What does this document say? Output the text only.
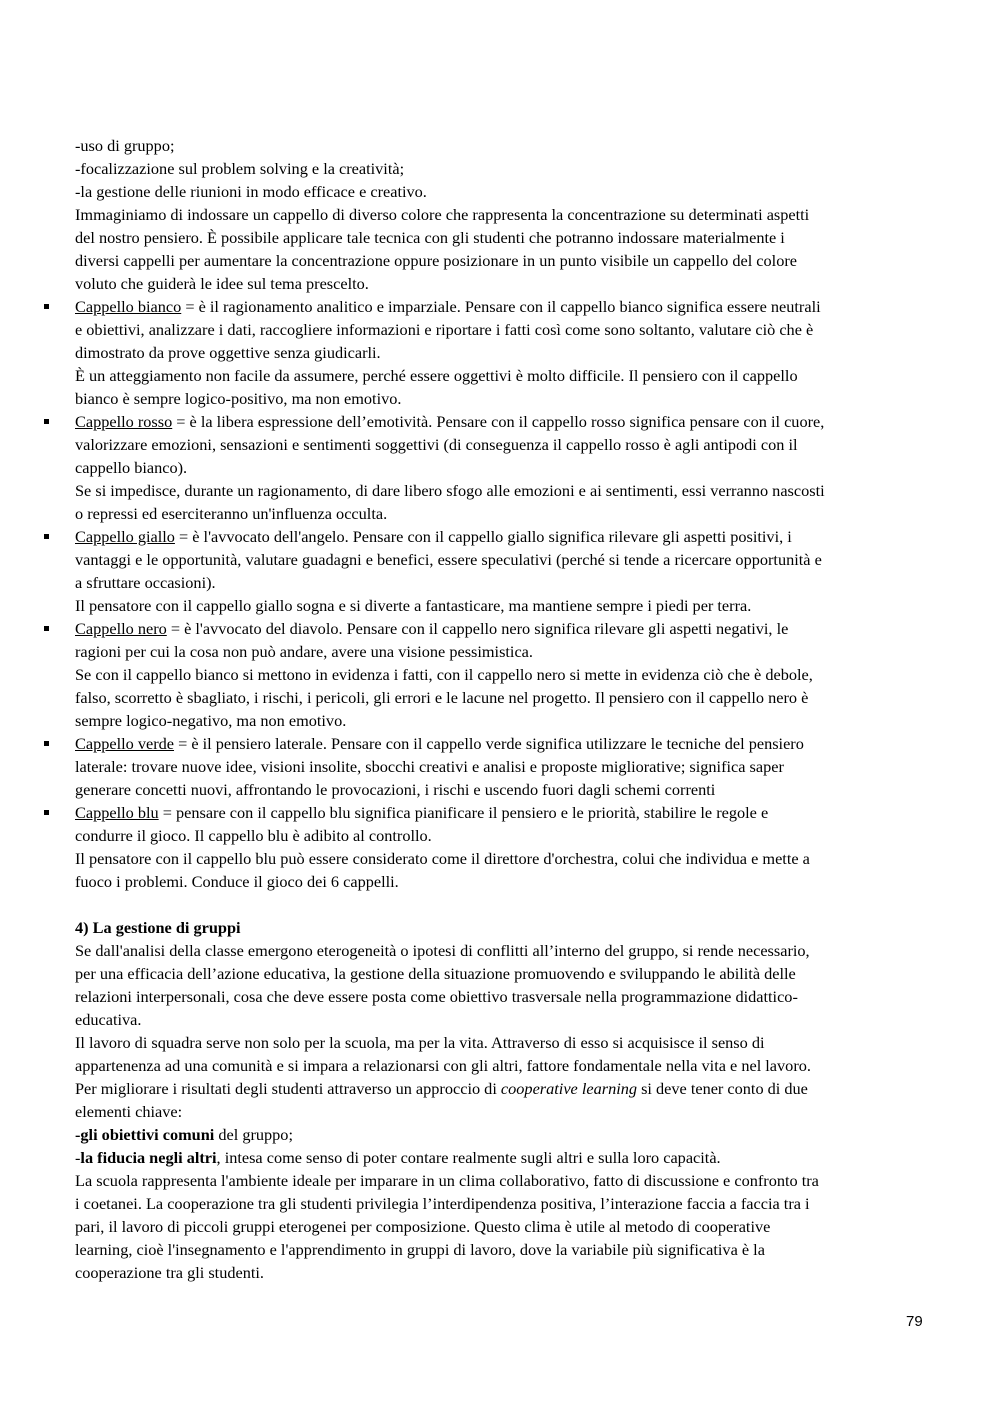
-uso di gruppo;
-focalizzazione sul problem solving e la creatività;
-la gestione delle riunioni in modo efficace e creativo.
Immaginiamo di indossare un cappello di diverso colore che rappresenta la concentrazione su determinati aspetti
del nostro pensiero. È possibile applicare tale tecnica con gli studenti che potranno indossare materialmente i
diversi cappelli per aumentare la concentrazione oppure posizionare in un punto visibile un cappello del colore
voluto che guiderà le idee sul tema prescelto.
Cappello bianco = è il ragionamento analitico e imparziale. Pensare con il cappello bianco significa essere neutrali
e obiettivi, analizzare i dati, raccogliere informazioni e riportare i fatti così come sono soltanto, valutare ciò che è
dimostrato da prove oggettive senza giudicarli.
È un atteggiamento non facile da assumere, perché essere oggettivi è molto difficile. Il pensiero con il cappello
bianco è sempre logico-positivo, ma non emotivo.
Cappello rosso = è la libera espressione dell’emotività. Pensare con il cappello rosso significa pensare con il cuore,
valorizzare emozioni, sensazioni e sentimenti soggettivi (di conseguenza il cappello rosso è agli antipodi con il
cappello bianco).
Se si impedisce, durante un ragionamento, di dare libero sfogo alle emozioni e ai sentimenti, essi verranno nascosti
o repressi ed eserciteranno un'influenza occulta.
Cappello giallo = è l'avvocato dell'angelo. Pensare con il cappello giallo significa rilevare gli aspetti positivi, i
vantaggi e le opportunità, valutare guadagni e benefici, essere speculativi (perché si tende a ricercare opportunità e
a sfruttare occasioni).
Il pensatore con il cappello giallo sogna e si diverte a fantasticare, ma mantiene sempre i piedi per terra.
Cappello nero = è l'avvocato del diavolo. Pensare con il cappello nero significa rilevare gli aspetti negativi, le
ragioni per cui la cosa non può andare, avere una visione pessimistica.
Se con il cappello bianco si mettono in evidenza i fatti, con il cappello nero si mette in evidenza ciò che è debole,
falso, scorretto è sbagliato, i rischi, i pericoli, gli errori e le lacune nel progetto. Il pensiero con il cappello nero è
sempre logico-negativo, ma non emotivo.
Cappello verde = è il pensiero laterale. Pensare con il cappello verde significa utilizzare le tecniche del pensiero
laterale: trovare nuove idee, visioni insolite, sbocchi creativi e analisi e proposte migliorative; significa saper
generare concetti nuovi, affrontando le provocazioni, i rischi e uscendo fuori dagli schemi correnti
Cappello blu = pensare con il cappello blu significa pianificare il pensiero e le priorità, stabilire le regole e
condurre il gioco. Il cappello blu è adibito al controllo.
Il pensatore con il cappello blu può essere considerato come il direttore d'orchestra, colui che individua e mette a
fuoco i problemi. Conduce il gioco dei 6 cappelli.
4) La gestione di gruppi
Se dall'analisi della classe emergono eterogeneità o ipotesi di conflitti all’interno del gruppo, si rende necessario,
per una efficacia dell’azione educativa, la gestione della situazione promuovendo e sviluppando le abilità delle
relazioni interpersonali, cosa che deve essere posta come obiettivo trasversale nella programmazione didattico-
educativa.
Il lavoro di squadra serve non solo per la scuola, ma per la vita. Attraverso di esso si acquisisce il senso di
appartenenza ad una comunità e si impara a relazionarsi con gli altri, fattore fondamentale nella vita e nel lavoro.
Per migliorare i risultati degli studenti attraverso un approccio di cooperative learning si deve tener conto di due
elementi chiave:
-gli obiettivi comuni del gruppo;
-la fiducia negli altri, intesa come senso di poter contare realmente sugli altri e sulla loro capacità.
La scuola rappresenta l'ambiente ideale per imparare in un clima collaborativo, fatto di discussione e confronto tra
i coetanei. La cooperazione tra gli studenti privilegia l’interdipendenza positiva, l’interazione faccia a faccia tra i
pari, il lavoro di piccoli gruppi eterogenei per composizione. Questo clima è utile al metodo di cooperative
learning, cioè l'insegnamento e l'apprendimento in gruppi di lavoro, dove la variabile più significativa è la
cooperazione tra gli studenti.
79
